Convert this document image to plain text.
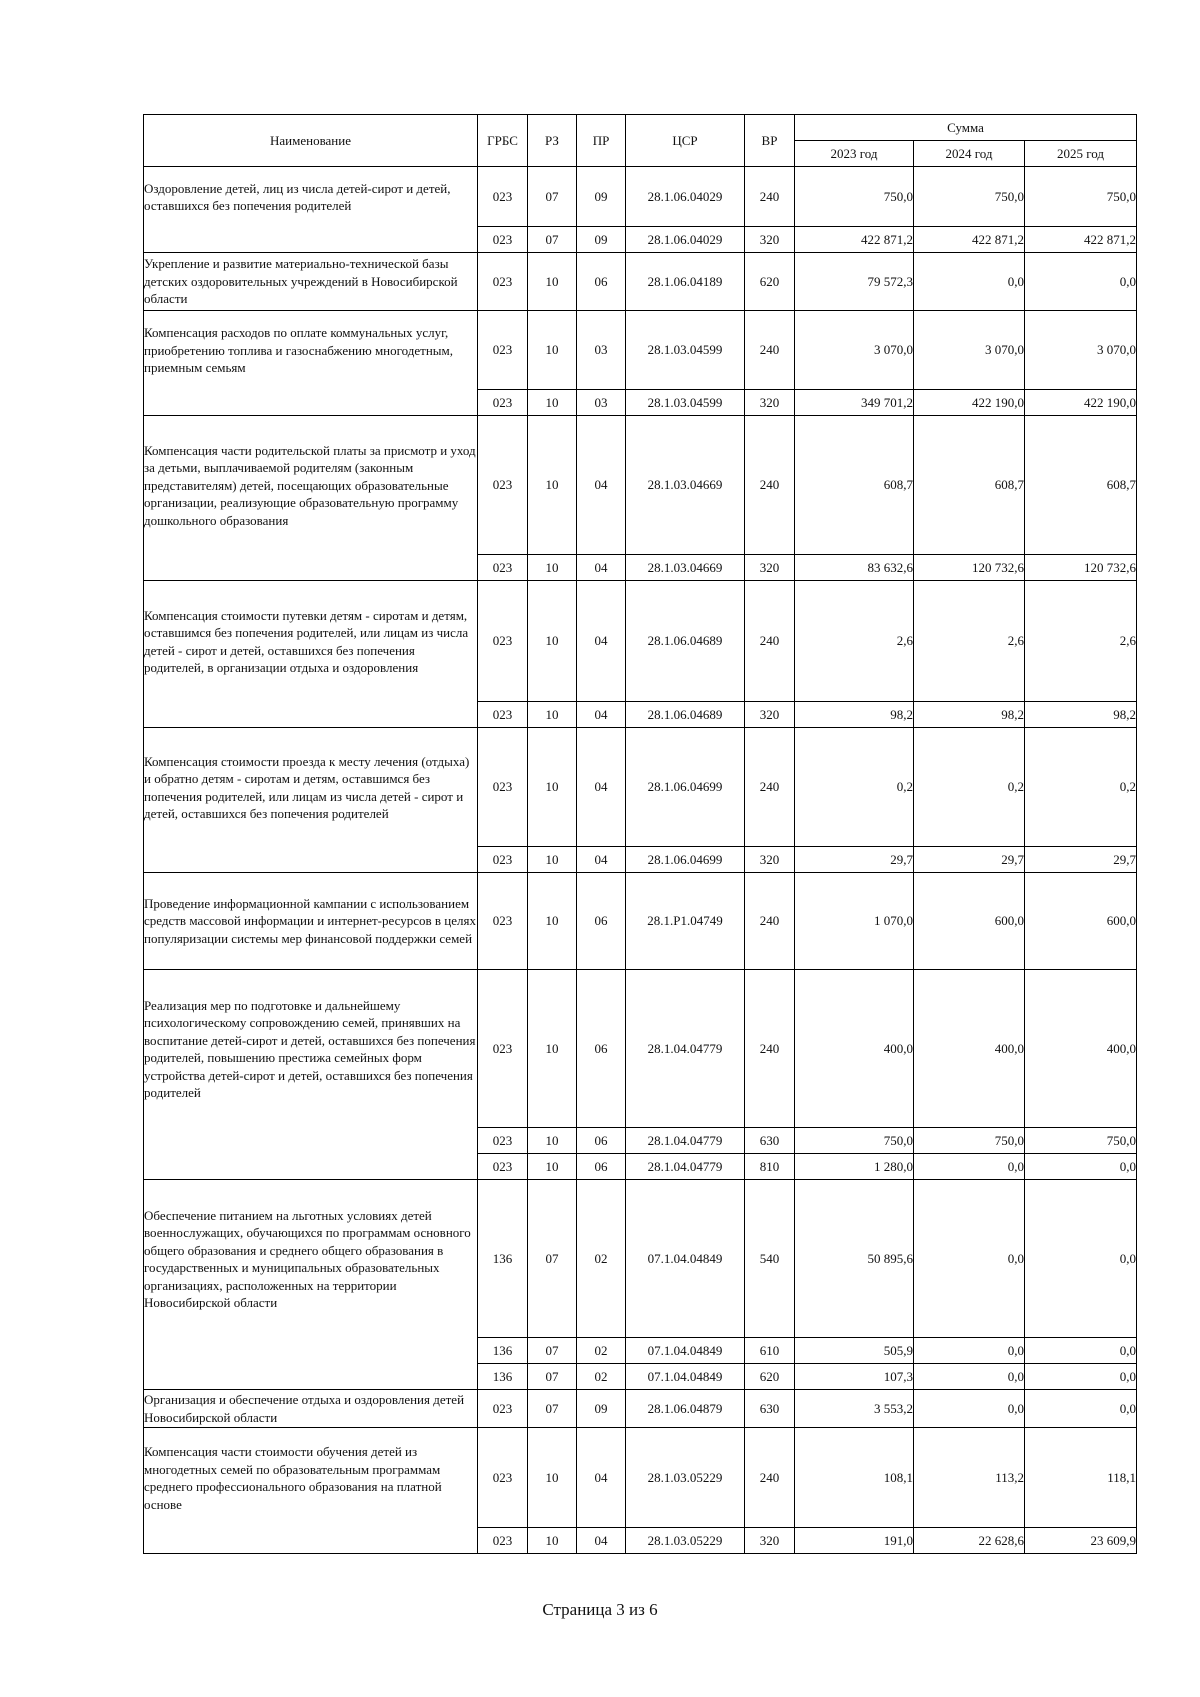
Наименование	ГРБС	РЗ	ПР	ЦСР	ВР	Сумма		
						2023 год	2024 год	2025 год
Оздоровление детей, лиц из числа детей-сирот и детей, оставшихся без попечения родителей	023	07	09	28.1.06.04029	240	750,0	750,0	750,0
	023	07	09	28.1.06.04029	320	422 871,2	422 871,2	422 871,2
Укрепление и развитие материально-технической базы детских оздоровительных учреждений в Новосибирской области	023	10	06	28.1.06.04189	620	79 572,3	0,0	0,0
Компенсация расходов по оплате коммунальных услуг, приобретению топлива и газоснабжению многодетным, приемным семьям	023	10	03	28.1.03.04599	240	3 070,0	3 070,0	3 070,0
	023	10	03	28.1.03.04599	320	349 701,2	422 190,0	422 190,0
Компенсация части родительской платы за присмотр и уход за детьми, выплачиваемой родителям (законным представителям) детей, посещающих образовательные организации, реализующие образовательную программу дошкольного образования	023	10	04	28.1.03.04669	240	608,7	608,7	608,7
	023	10	04	28.1.03.04669	320	83 632,6	120 732,6	120 732,6
Компенсация стоимости путевки детям - сиротам и детям, оставшимся без попечения родителей, или лицам из числа детей - сирот и детей, оставшихся без попечения родителей, в организации отдыха и оздоровления	023	10	04	28.1.06.04689	240	2,6	2,6	2,6
	023	10	04	28.1.06.04689	320	98,2	98,2	98,2
Компенсация стоимости проезда к месту лечения (отдыха) и обратно детям - сиротам и детям, оставшимся без попечения родителей, или лицам из числа детей - сирот и детей, оставшихся без попечения родителей	023	10	04	28.1.06.04699	240	0,2	0,2	0,2
	023	10	04	28.1.06.04699	320	29,7	29,7	29,7
Проведение информационной кампании с использованием средств массовой информации и интернет-ресурсов в целях популяризации системы мер финансовой поддержки семей	023	10	06	28.1.P1.04749	240	1 070,0	600,0	600,0
Реализация мер по подготовке и дальнейшему психологическому сопровождению семей, принявших на воспитание детей-сирот и детей, оставшихся без попечения родителей, повышению престижа семейных форм устройства детей-сирот и детей, оставшихся без попечения родителей	023	10	06	28.1.04.04779	240	400,0	400,0	400,0
	023	10	06	28.1.04.04779	630	750,0	750,0	750,0
	023	10	06	28.1.04.04779	810	1 280,0	0,0	0,0
Обеспечение питанием на льготных условиях детей военнослужащих, обучающихся по программам основного общего образования и среднего общего образования в государственных и муниципальных образовательных организациях, расположенных на территории Новосибирской области	136	07	02	07.1.04.04849	540	50 895,6	0,0	0,0
	136	07	02	07.1.04.04849	610	505,9	0,0	0,0
	136	07	02	07.1.04.04849	620	107,3	0,0	0,0
Организация и обеспечение отдыха и оздоровления детей Новосибирской области	023	07	09	28.1.06.04879	630	3 553,2	0,0	0,0
Компенсация части стоимости обучения детей из многодетных семей по образовательным программам среднего профессионального образования на платной основе	023	10	04	28.1.03.05229	240	108,1	113,2	118,1
	023	10	04	28.1.03.05229	320	191,0	22 628,6	23 609,9
Страница 3 из 6
